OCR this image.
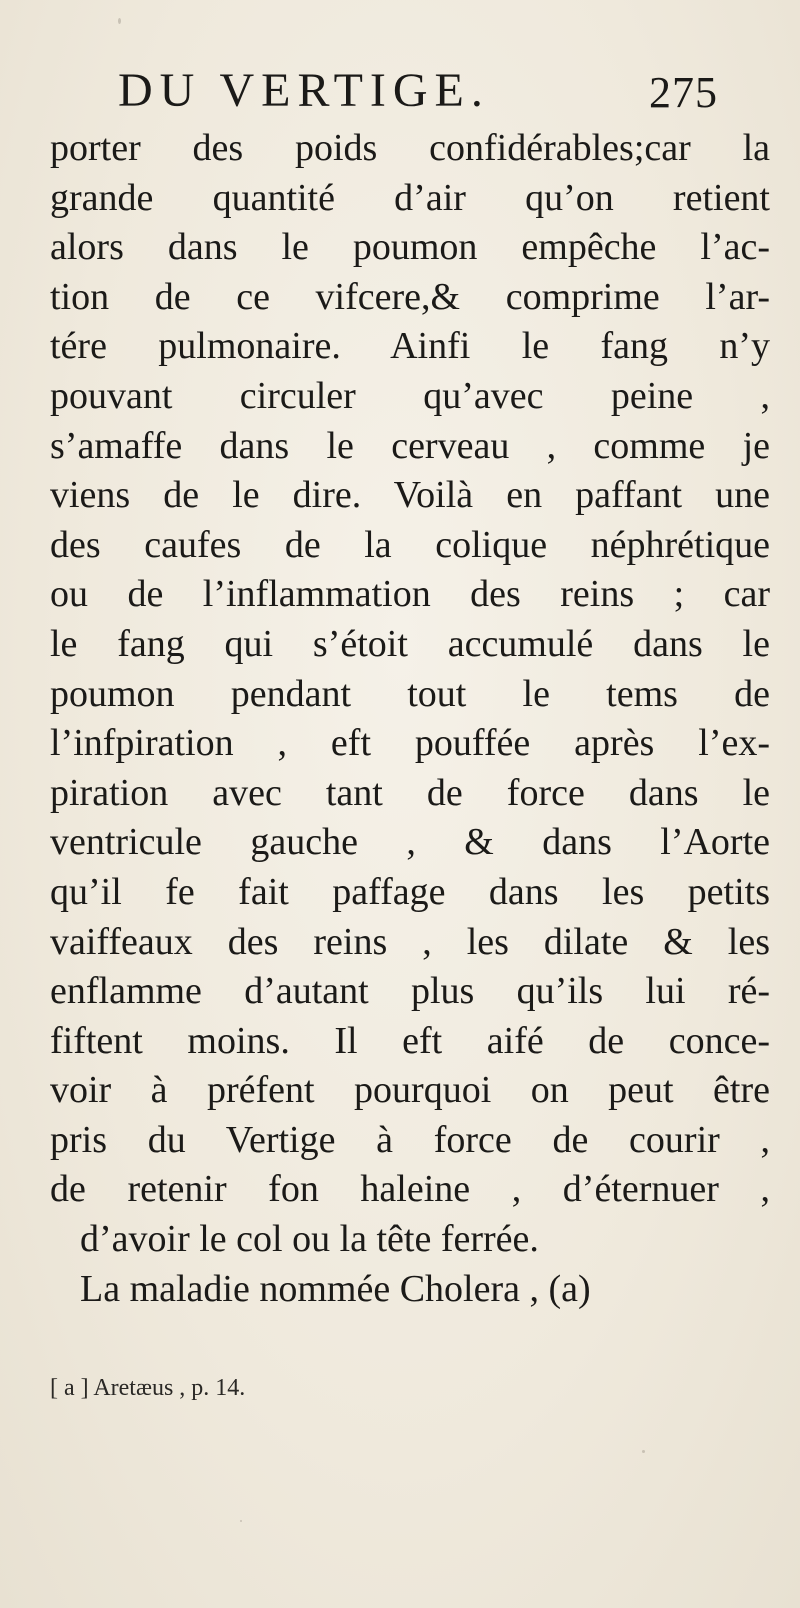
DU VERTIGE.	275
porter des poids confidérables;car la
grande quantité d’air qu’on retient
alors dans le poumon empêche l’ac-
tion de ce vifcere,& comprime l’ar-
tére pulmonaire. Ainfi le fang n’y
pouvant circuler qu’avec peine ,
s’amaffe dans le cerveau , comme je
viens de le dire. Voilà en paffant une
des caufes de la colique néphrétique
ou de l’inflammation des reins ; car
le fang qui s’étoit accumulé dans le
poumon pendant tout le tems de
l’infpiration , eft pouffée après l’ex-
piration avec tant de force dans le
ventricule gauche , & dans l’Aorte
qu’il fe fait paffage dans les petits
vaiffeaux des reins , les dilate & les
enflamme d’autant plus qu’ils lui ré-
fiftent moins. Il eft aifé de conce-
voir à préfent pourquoi on peut être
pris du Vertige à force de courir ,
de retenir fon haleine , d’éternuer ,
d’avoir le col ou la tête ferrée.
La maladie nommée Cholera , (a)
[ a ] Aretæus , p. 14.
